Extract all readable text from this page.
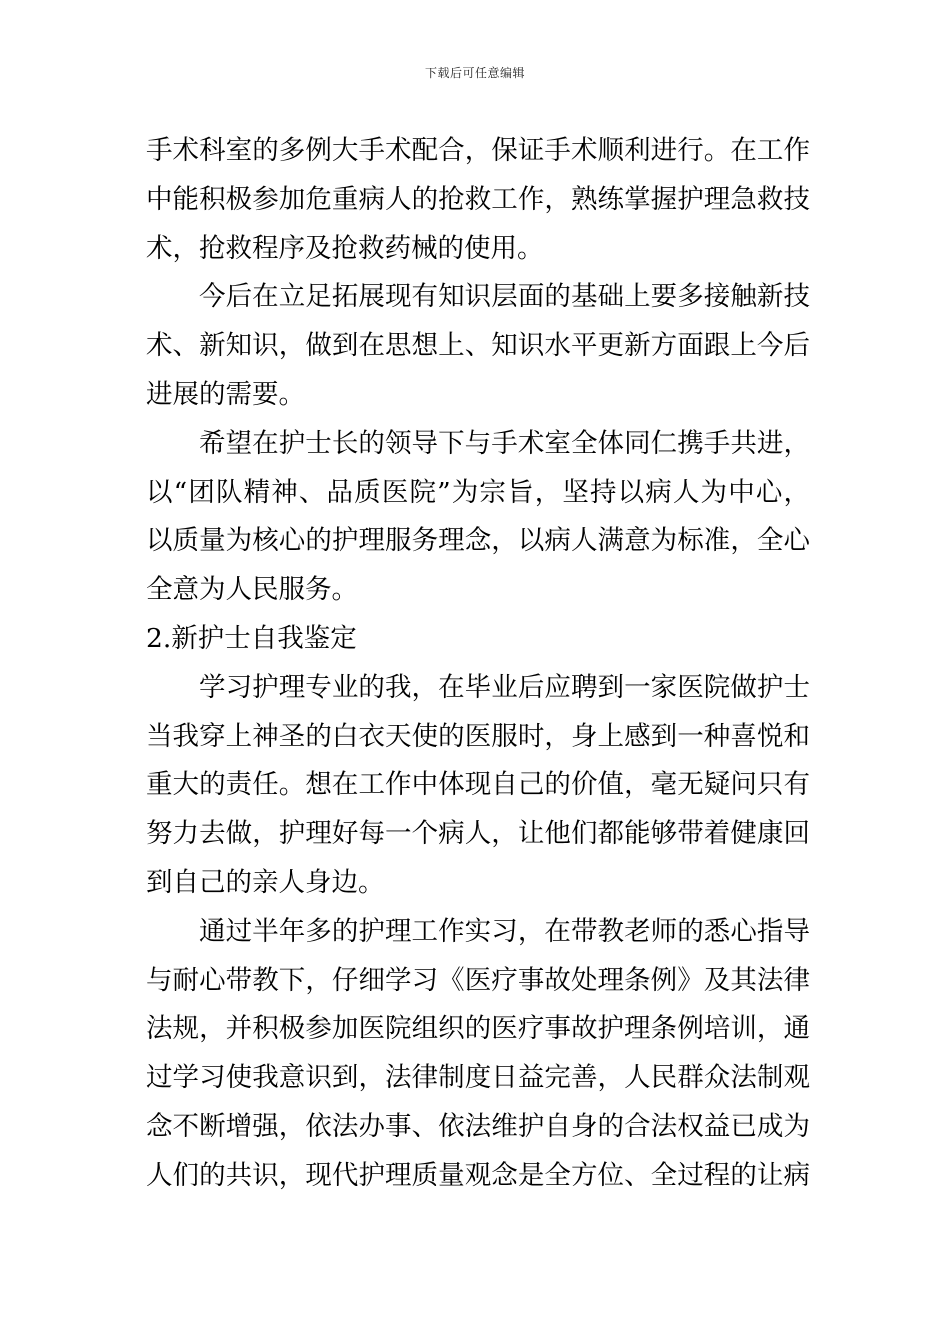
下载后可任意编辑
手术科室的多例大手术配合，保证手术顺利进行。在工作
中能积极参加危重病人的抢救工作，熟练掌握护理急救技
术，抢救程序及抢救药械的使用。
今后在立足拓展现有知识层面的基础上要多接触新技
术、新知识，做到在思想上、知识水平更新方面跟上今后
进展的需要。
希望在护士长的领导下与手术室全体同仁携手共进，
以“团队精神、品质医院”为宗旨，坚持以病人为中心，
以质量为核心的护理服务理念，以病人满意为标准，全心
全意为人民服务。
2.新护士自我鉴定
学习护理专业的我，在毕业后应聘到一家医院做护士
当我穿上神圣的白衣天使的医服时，身上感到一种喜悦和
重大的责任。想在工作中体现自己的价值，毫无疑问只有
努力去做，护理好每一个病人，让他们都能够带着健康回
到自己的亲人身边。
通过半年多的护理工作实习，在带教老师的悉心指导
与耐心带教下，仔细学习《医疗事故处理条例》及其法律
法规，并积极参加医院组织的医疗事故护理条例培训，通
过学习使我意识到，法律制度日益完善，人民群众法制观
念不断增强，依法办事、依法维护自身的合法权益已成为
人们的共识，现代护理质量观念是全方位、全过程的让病
